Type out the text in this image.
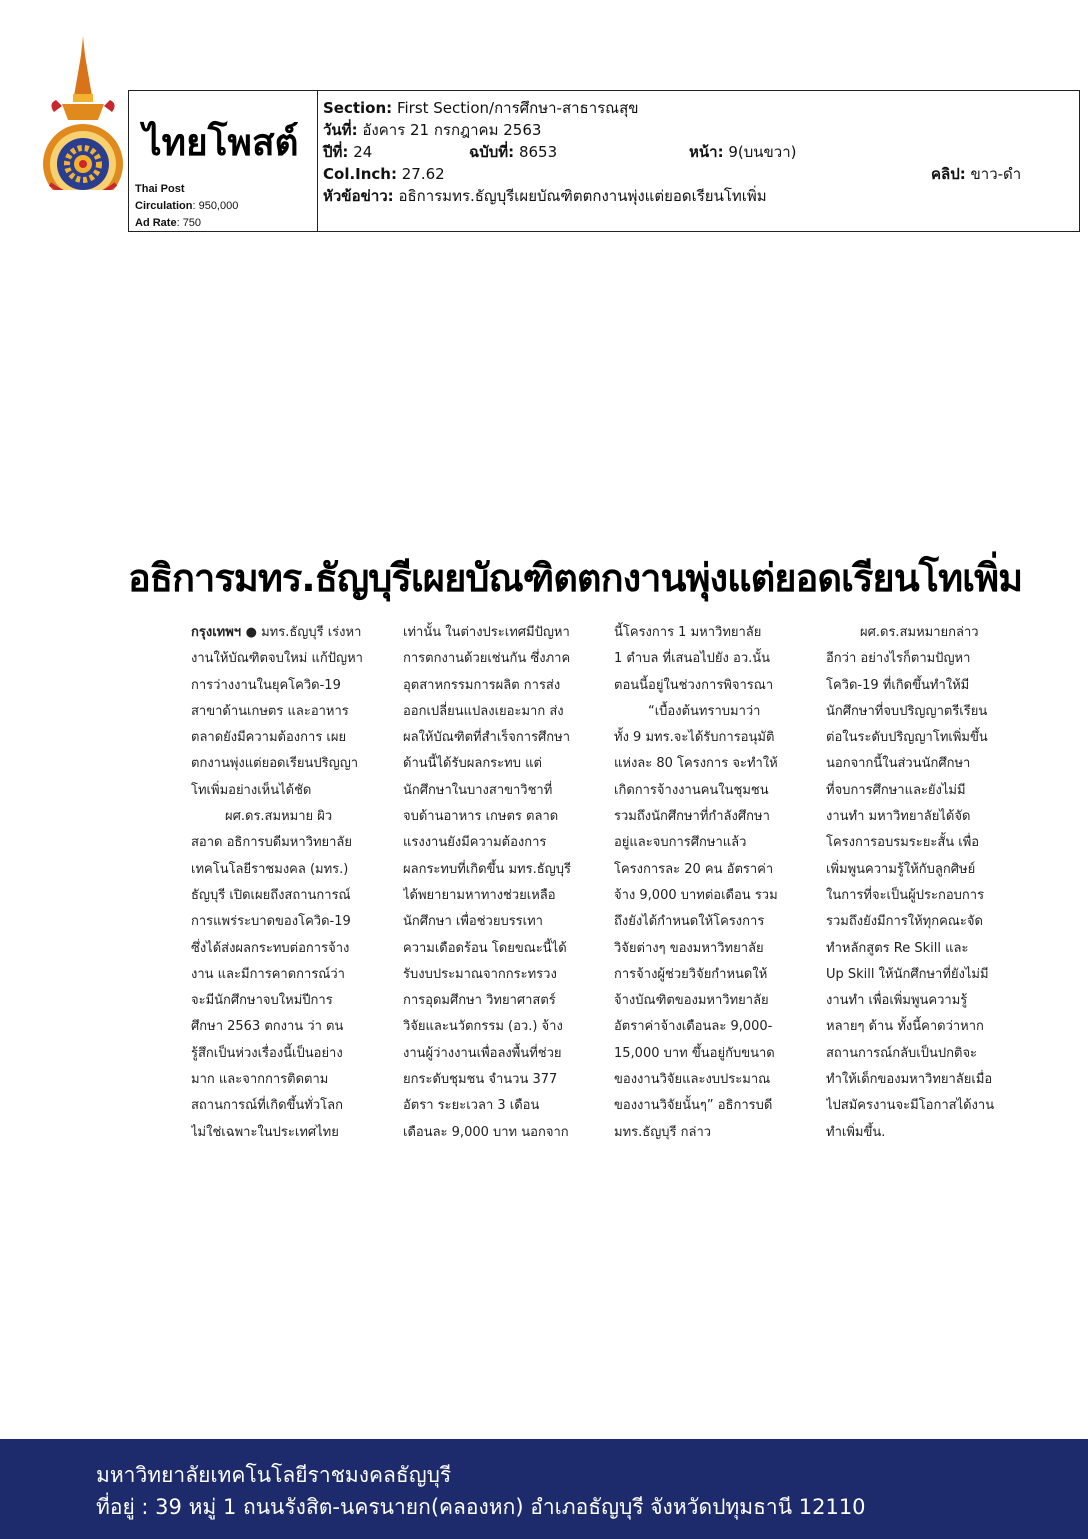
ไทยโพสต์
Thai Post
Circulation: 950,000
Ad Rate: 750
Section: First Section/การศึกษา-สาธารณสุข
วันที่: อังคาร 21 กรกฎาคม 2563
ปีที่: 24	ฉบับที่: 8653	หน้า: 9(บนขวา)
Col.Inch: 27.62	คลิป: ขาว-ดำ
หัวข้อข่าว: อธิการมทร.ธัญบุรีเผยบัณฑิตตกงานพุ่งแต่ยอดเรียนโทเพิ่ม
อธิการมทร.ธัญบุรีเผยบัณฑิตตกงานพุ่งแต่ยอดเรียนโทเพิ่ม
กรุงเทพฯ ● มทร.ธัญบุรี เร่งหา
งานให้บัณฑิตจบใหม่ แก้ปัญหา
การว่างงานในยุคโควิด-19
สาขาด้านเกษตร และอาหาร
ตลาดยังมีความต้องการ เผย
ตกงานพุ่งแต่ยอดเรียนปริญญา
โทเพิ่มอย่างเห็นได้ชัด
ผศ.ดร.สมหมาย ผิว
สอาด อธิการบดีมหาวิทยาลัย
เทคโนโลยีราชมงคล (มทร.)
ธัญบุรี เปิดเผยถึงสถานการณ์
การแพร่ระบาดของโควิด-19
ซึ่งได้ส่งผลกระทบต่อการจ้าง
งาน และมีการคาดการณ์ว่า
จะมีนักศึกษาจบใหม่ปีการ
ศึกษา 2563 ตกงาน ว่า ตน
รู้สึกเป็นห่วงเรื่องนี้เป็นอย่าง
มาก และจากการติดตาม
สถานการณ์ที่เกิดขึ้นทั่วโลก
ไม่ใช่เฉพาะในประเทศไทย
เท่านั้น ในต่างประเทศมีปัญหา
การตกงานด้วยเช่นกัน ซึ่งภาค
อุตสาหกรรมการผลิต การส่ง
ออกเปลี่ยนแปลงเยอะมาก ส่ง
ผลให้บัณฑิตที่สำเร็จการศึกษา
ด้านนี้ได้รับผลกระทบ แต่
นักศึกษาในบางสาขาวิชาที่
จบด้านอาหาร เกษตร ตลาด
แรงงานยังมีความต้องการ
ผลกระทบที่เกิดขึ้น มทร.ธัญบุรี
ได้พยายามหาทางช่วยเหลือ
นักศึกษา เพื่อช่วยบรรเทา
ความเดือดร้อน โดยขณะนี้ได้
รับงบประมาณจากกระทรวง
การอุดมศึกษา วิทยาศาสตร์
วิจัยและนวัตกรรม (อว.) จ้าง
งานผู้ว่างงานเพื่อลงพื้นที่ช่วย
ยกระดับชุมชน จำนวน 377
อัตรา ระยะเวลา 3 เดือน
เดือนละ 9,000 บาท นอกจาก
นี้โครงการ 1 มหาวิทยาลัย
1 ตำบล ที่เสนอไปยัง อว.นั้น
ตอนนี้อยู่ในช่วงการพิจารณา
“เบื้องต้นทราบมาว่า
ทั้ง 9 มทร.จะได้รับการอนุมัติ
แห่งละ 80 โครงการ จะทำให้
เกิดการจ้างงานคนในชุมชน
รวมถึงนักศึกษาที่กำลังศึกษา
อยู่และจบการศึกษาแล้ว
โครงการละ 20 คน อัตราค่า
จ้าง 9,000 บาทต่อเดือน รวม
ถึงยังได้กำหนดให้โครงการ
วิจัยต่างๆ ของมหาวิทยาลัย
การจ้างผู้ช่วยวิจัยกำหนดให้
จ้างบัณฑิตของมหาวิทยาลัย
อัตราค่าจ้างเดือนละ 9,000-
15,000 บาท ขึ้นอยู่กับขนาด
ของงานวิจัยและงบประมาณ
ของงานวิจัยนั้นๆ” อธิการบดี
มทร.ธัญบุรี กล่าว
ผศ.ดร.สมหมายกล่าว
อีกว่า อย่างไรก็ตามปัญหา
โควิด-19 ที่เกิดขึ้นทำให้มี
นักศึกษาที่จบปริญญาตรีเรียน
ต่อในระดับปริญญาโทเพิ่มขึ้น
นอกจากนี้ในส่วนนักศึกษา
ที่จบการศึกษาและยังไม่มี
งานทำ มหาวิทยาลัยได้จัด
โครงการอบรมระยะสั้น เพื่อ
เพิ่มพูนความรู้ให้กับลูกศิษย์
ในการที่จะเป็นผู้ประกอบการ
รวมถึงยังมีการให้ทุกคณะจัด
ทำหลักสูตร Re Skill และ
Up Skill ให้นักศึกษาที่ยังไม่มี
งานทำ เพื่อเพิ่มพูนความรู้
หลายๆ ด้าน ทั้งนี้คาดว่าหาก
สถานการณ์กลับเป็นปกติจะ
ทำให้เด็กของมหาวิทยาลัยเมื่อ
ไปสมัครงานจะมีโอกาสได้งาน
ทำเพิ่มขึ้น.
มหาวิทยาลัยเทคโนโลยีราชมงคลธัญบุรี
ที่อยู่ : 39 หมู่ 1 ถนนรังสิต-นครนายก(คลองหก) อำเภอธัญบุรี จังหวัดปทุมธานี 12110
